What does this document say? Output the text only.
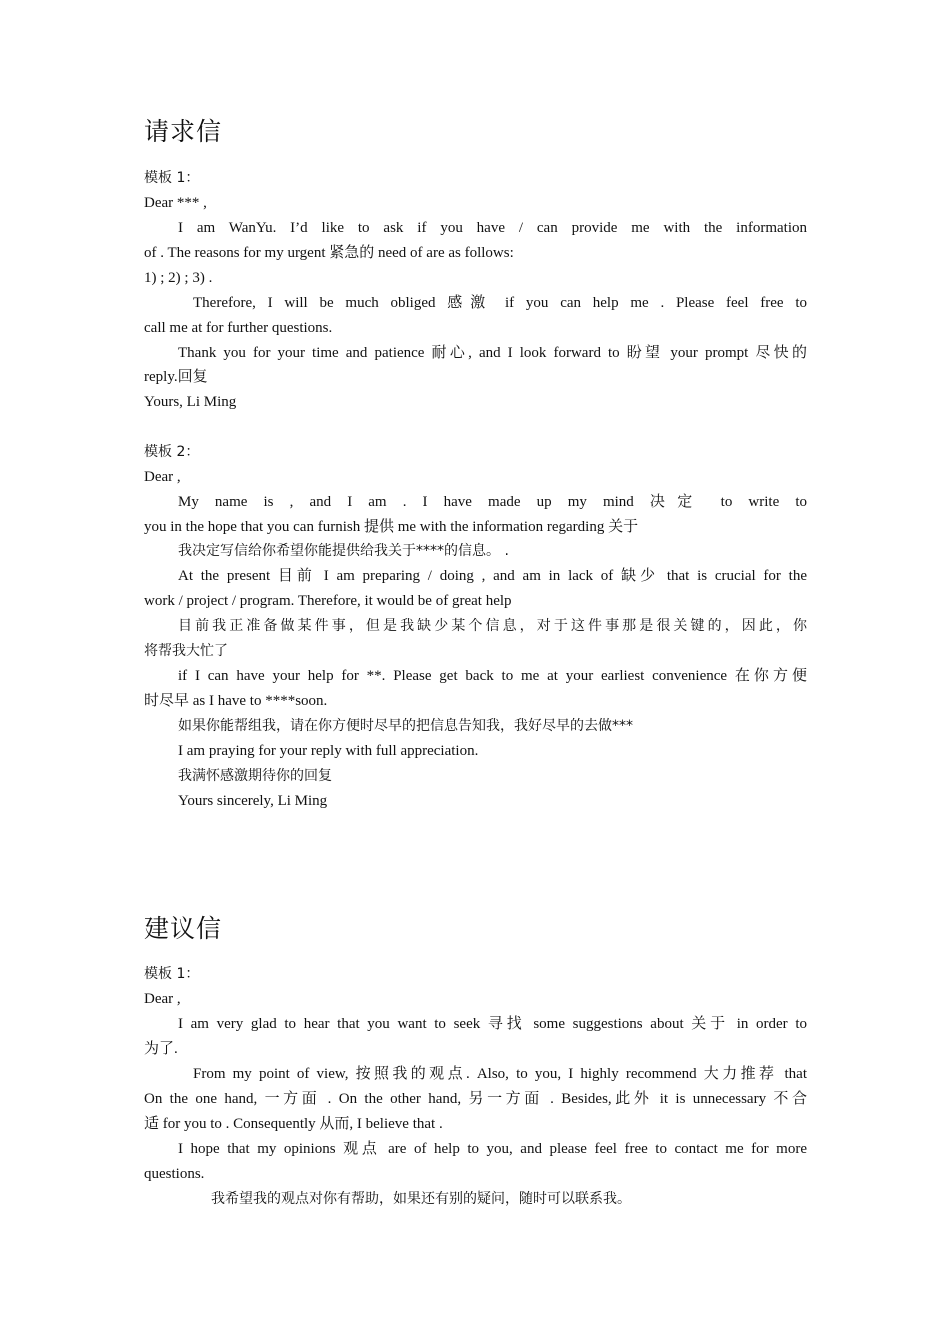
请求信
模板 1：
Dear *** ,
I am WanYu. I’d like to ask if you have / can provide me with the information
of . The reasons for my urgent 紧急的 need of are as follows:
1) ; 2) ; 3) .
Therefore, I will be much obliged 感激 if you can help me . Please feel free to
call me at for further questions.
Thank you for your time and patience 耐心, and I look forward to 盼望 your prompt 尽快的
reply.回复
Yours, Li Ming
模板 2：
Dear ,
My name is , and I am . I have made up my mind 决定 to write to
you in the hope that you can furnish 提供 me with the information regarding 关于
我决定写信给你希望你能提供给我关于****的信息。 .
At the present 目前 I am preparing / doing , and am in lack of 缺少 that is crucial for the
work / project / program. Therefore, it would be of great help
目前我正准备做某件事，但是我缺少某个信息，对于这件事那是很关键的，因此，你
将帮我大忙了
if I can have your help for **. Please get back to me at your earliest convenience 在你方便
时尽早 as I have to ****soon.
如果你能帮组我，请在你方便时尽早的把信息告知我，我好尽早的去做***
I am praying for your reply with full appreciation.
我满怀感激期待你的回复
Yours sincerely, Li Ming
建议信
模板 1：
Dear ,
I am very glad to hear that you want to seek 寻找 some suggestions about 关于 in order to
为了.
From my point of view, 按照我的观点. Also, to you, I highly recommend 大力推荐 that
On the one hand, 一方面 . On the other hand, 另一方面 . Besides,此外 it is unnecessary 不合
适 for you to . Consequently 从而, I believe that .
I hope that my opinions 观点 are of help to you, and please feel free to contact me for more
questions.
我希望我的观点对你有帮助，如果还有别的疑问，随时可以联系我。
